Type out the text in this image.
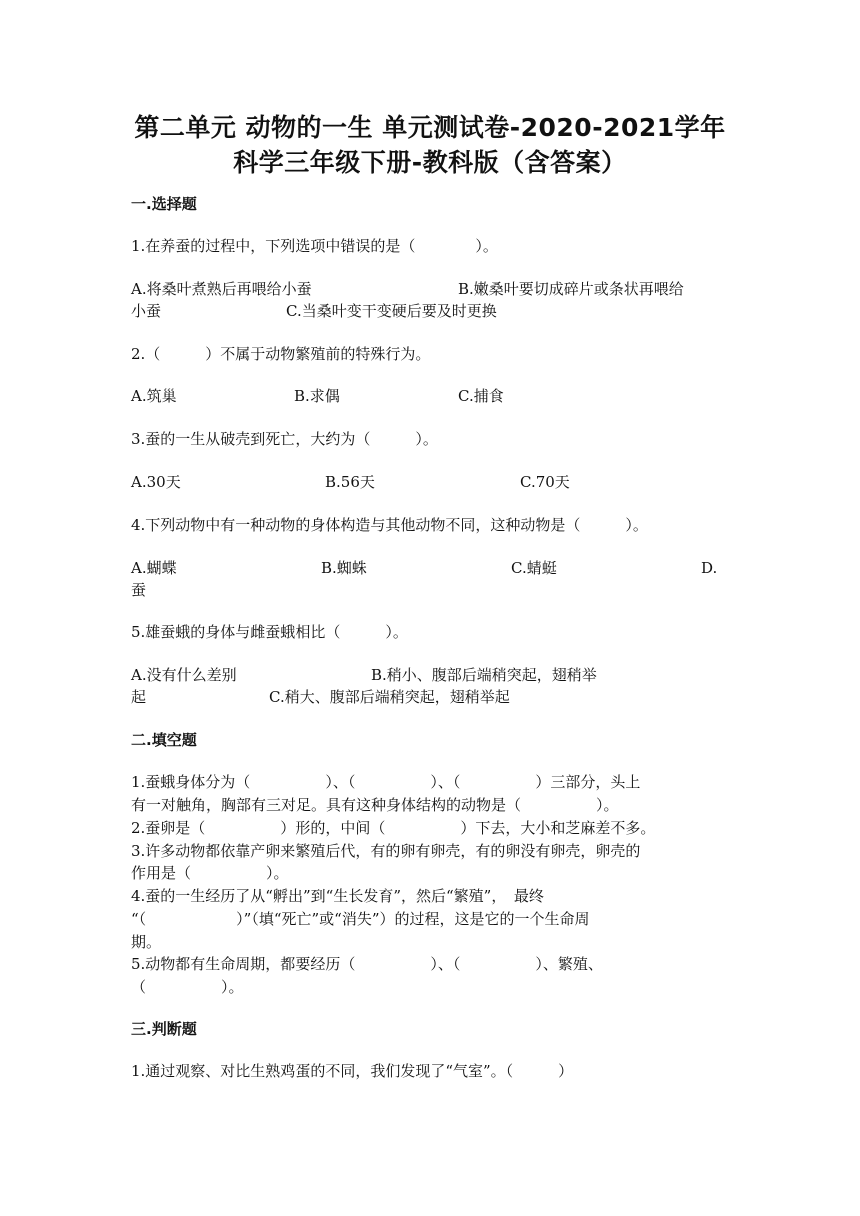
第二单元 动物的一生 单元测试卷-2020-2021学年
科学三年级下册-教科版（含答案）
一.选择题
1.在养蚕的过程中，下列选项中错误的是（　　　　）。
A.将桑叶煮熟后再喂给小蚕	B.嫩桑叶要切成碎片或条状再喂给
小蚕	C.当桑叶变干变硬后要及时更换
2.（　　　）不属于动物繁殖前的特殊行为。
A.筑巢	B.求偶	C.捕食
3.蚕的一生从破壳到死亡，大约为（　　　）。
A.30天	B.56天	C.70天
4.下列动物中有一种动物的身体构造与其他动物不同，这种动物是（　　　）。
A.蝴蝶	B.蜘蛛	C.蜻蜓	D.
蚕
5.雄蚕蛾的身体与雌蚕蛾相比（　　　）。
A.没有什么差别	B.稍小、腹部后端稍突起，翅稍举
起	C.稍大、腹部后端稍突起，翅稍举起
二.填空题
1.蚕蛾身体分为（　　　　　）、（　　　　　）、（　　　　　）三部分，头上
有一对触角，胸部有三对足。具有这种身体结构的动物是（　　　　　）。
2.蚕卵是（　　　　　）形的，中间（　　　　　）下去，大小和芝麻差不多。
3.许多动物都依靠产卵来繁殖后代，有的卵有卵壳，有的卵没有卵壳，卵壳的
作用是（　　　　　）。
4.蚕的一生经历了从“孵出”到“生长发育”，然后“繁殖”，　最终
“（　　　　　　）”（填“死亡”或“消失”）的过程，这是它的一个生命周
期。
5.动物都有生命周期，都要经历（　　　　　）、（　　　　　）、繁殖、
（　　　　　）。
三.判断题
1.通过观察、对比生熟鸡蛋的不同，我们发现了“气室”。（　　　）
